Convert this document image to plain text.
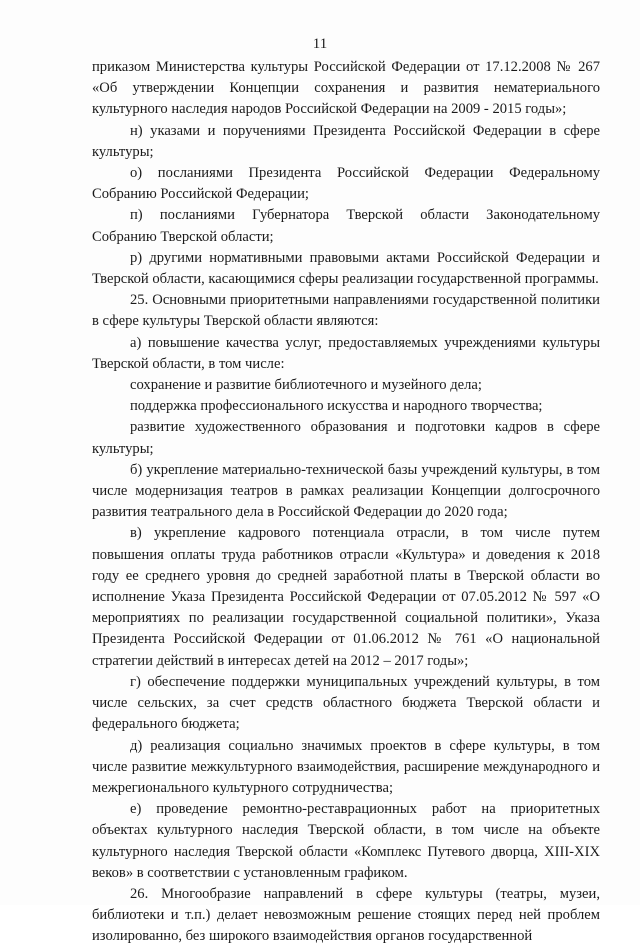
11

приказом Министерства культуры Российской Федерации от 17.12.2008 № 267 «Об утверждении Концепции сохранения и развития нематериального культурного наследия народов Российской Федерации на 2009 - 2015 годы»;

н) указами и поручениями Президента Российской Федерации в сфере культуры;

о) посланиями Президента Российской Федерации Федеральному Собранию Российской Федерации;

п) посланиями Губернатора Тверской области Законодательному Собранию Тверской области;

р) другими нормативными правовыми актами Российской Федерации и Тверской области, касающимися сферы реализации государственной программы.

25. Основными приоритетными направлениями государственной политики в сфере культуры Тверской области являются:

а) повышение качества услуг, предоставляемых учреждениями культуры Тверской области, в том числе:

сохранение и развитие библиотечного и музейного дела;

поддержка профессионального искусства и народного творчества;

развитие художественного образования и подготовки кадров в сфере культуры;

б) укрепление материально-технической базы учреждений культуры, в том числе модернизация театров в рамках реализации Концепции долгосрочного развития театрального дела в Российской Федерации до 2020 года;

в) укрепление кадрового потенциала отрасли, в том числе путем повышения оплаты труда работников отрасли «Культура» и доведения к 2018 году ее среднего уровня до средней заработной платы в Тверской области во исполнение Указа Президента Российской Федерации от 07.05.2012 № 597 «О мероприятиях по реализации государственной социальной политики», Указа Президента Российской Федерации от 01.06.2012 № 761 «О национальной стратегии действий в интересах детей на 2012 – 2017 годы»;

г) обеспечение поддержки муниципальных учреждений культуры, в том числе сельских, за счет средств областного бюджета Тверской области и федерального бюджета;

д) реализация социально значимых проектов в сфере культуры, в том числе развитие межкультурного взаимодействия, расширение международного и межрегионального культурного сотрудничества;

е) проведение ремонтно-реставрационных работ на приоритетных объектах культурного наследия Тверской области, в том числе на объекте культурного наследия Тверской области «Комплекс Путевого дворца, XIII-XIX веков» в соответствии с установленным графиком.

26. Многообразие направлений в сфере культуры (театры, музеи, библиотеки и т.п.) делает невозможным решение стоящих перед ней проблем изолированно, без широкого взаимодействия органов государственной
